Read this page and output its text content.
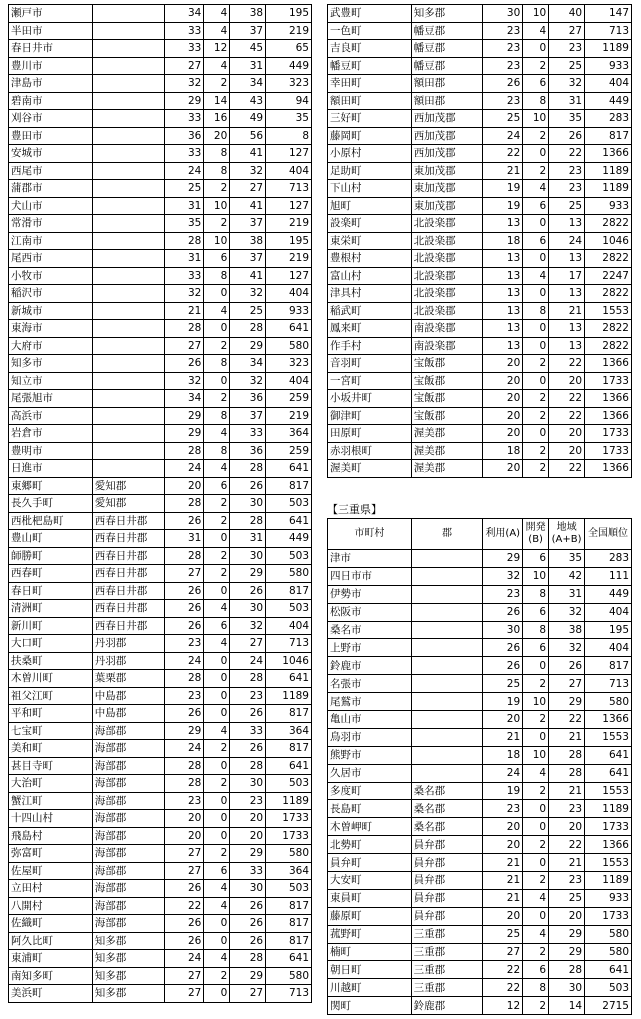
瀬戸市		34	4	38	195
半田市		33	4	37	219
春日井市		33	12	45	65
豊川市		27	4	31	449
津島市		32	2	34	323
碧南市		29	14	43	94
刈谷市		33	16	49	35
豊田市		36	20	56	8
安城市		33	8	41	127
西尾市		24	8	32	404
蒲郡市		25	2	27	713
犬山市		31	10	41	127
常滑市		35	2	37	219
江南市		28	10	38	195
尾西市		31	6	37	219
小牧市		33	8	41	127
稲沢市		32	0	32	404
新城市		21	4	25	933
東海市		28	0	28	641
大府市		27	2	29	580
知多市		26	8	34	323
知立市		32	0	32	404
尾張旭市		34	2	36	259
高浜市		29	8	37	219
岩倉市		29	4	33	364
豊明市		28	8	36	259
日進市		24	4	28	641
東郷町	愛知郡	20	6	26	817
長久手町	愛知郡	28	2	30	503
西枇杷島町	西春日井郡	26	2	28	641
豊山町	西春日井郡	31	0	31	449
師勝町	西春日井郡	28	2	30	503
西春町	西春日井郡	27	2	29	580
春日町	西春日井郡	26	0	26	817
清洲町	西春日井郡	26	4	30	503
新川町	西春日井郡	26	6	32	404
大口町	丹羽郡	23	4	27	713
扶桑町	丹羽郡	24	0	24	1046
木曽川町	葉栗郡	28	0	28	641
祖父江町	中島郡	23	0	23	1189
平和町	中島郡	26	0	26	817
七宝町	海部郡	29	4	33	364
美和町	海部郡	24	2	26	817
甚目寺町	海部郡	28	0	28	641
大治町	海部郡	28	2	30	503
蟹江町	海部郡	23	0	23	1189
十四山村	海部郡	20	0	20	1733
飛島村	海部郡	20	0	20	1733
弥富町	海部郡	27	2	29	580
佐屋町	海部郡	27	6	33	364
立田村	海部郡	26	4	30	503
八開村	海部郡	22	4	26	817
佐織町	海部郡	26	0	26	817
阿久比町	知多郡	26	0	26	817
東浦町	知多郡	24	4	28	641
南知多町	知多郡	27	2	29	580
美浜町	知多郡	27	0	27	713
武豊町	知多郡	30	10	40	147
一色町	幡豆郡	23	4	27	713
吉良町	幡豆郡	23	0	23	1189
幡豆町	幡豆郡	23	2	25	933
幸田町	額田郡	26	6	32	404
額田町	額田郡	23	8	31	449
三好町	西加茂郡	25	10	35	283
藤岡町	西加茂郡	24	2	26	817
小原村	西加茂郡	22	0	22	1366
足助町	東加茂郡	21	2	23	1189
下山村	東加茂郡	19	4	23	1189
旭町	東加茂郡	19	6	25	933
設楽町	北設楽郡	13	0	13	2822
東栄町	北設楽郡	18	6	24	1046
豊根村	北設楽郡	13	0	13	2822
富山村	北設楽郡	13	4	17	2247
津具村	北設楽郡	13	0	13	2822
稲武町	北設楽郡	13	8	21	1553
鳳来町	南設楽郡	13	0	13	2822
作手村	南設楽郡	13	0	13	2822
音羽町	宝飯郡	20	2	22	1366
一宮町	宝飯郡	20	0	20	1733
小坂井町	宝飯郡	20	2	22	1366
御津町	宝飯郡	20	2	22	1366
田原町	渥美郡	20	0	20	1733
赤羽根町	渥美郡	18	2	20	1733
渥美町	渥美郡	20	2	22	1366
【三重県】
市町村	郡	利用(A)	開発(B)	地域(A+B)	全国順位
津市		29	6	35	283
四日市市		32	10	42	111
伊勢市		23	8	31	449
松阪市		26	6	32	404
桑名市		30	8	38	195
上野市		26	6	32	404
鈴鹿市		26	0	26	817
名張市		25	2	27	713
尾鷲市		19	10	29	580
亀山市		20	2	22	1366
鳥羽市		21	0	21	1553
熊野市		18	10	28	641
久居市		24	4	28	641
多度町	桑名郡	19	2	21	1553
長島町	桑名郡	23	0	23	1189
木曽岬町	桑名郡	20	0	20	1733
北勢町	員弁郡	20	2	22	1366
員弁町	員弁郡	21	0	21	1553
大安町	員弁郡	21	2	23	1189
東員町	員弁郡	21	4	25	933
藤原町	員弁郡	20	0	20	1733
菰野町	三重郡	25	4	29	580
楠町	三重郡	27	2	29	580
朝日町	三重郡	22	6	28	641
川越町	三重郡	22	8	30	503
関町	鈴鹿郡	12	2	14	2715
